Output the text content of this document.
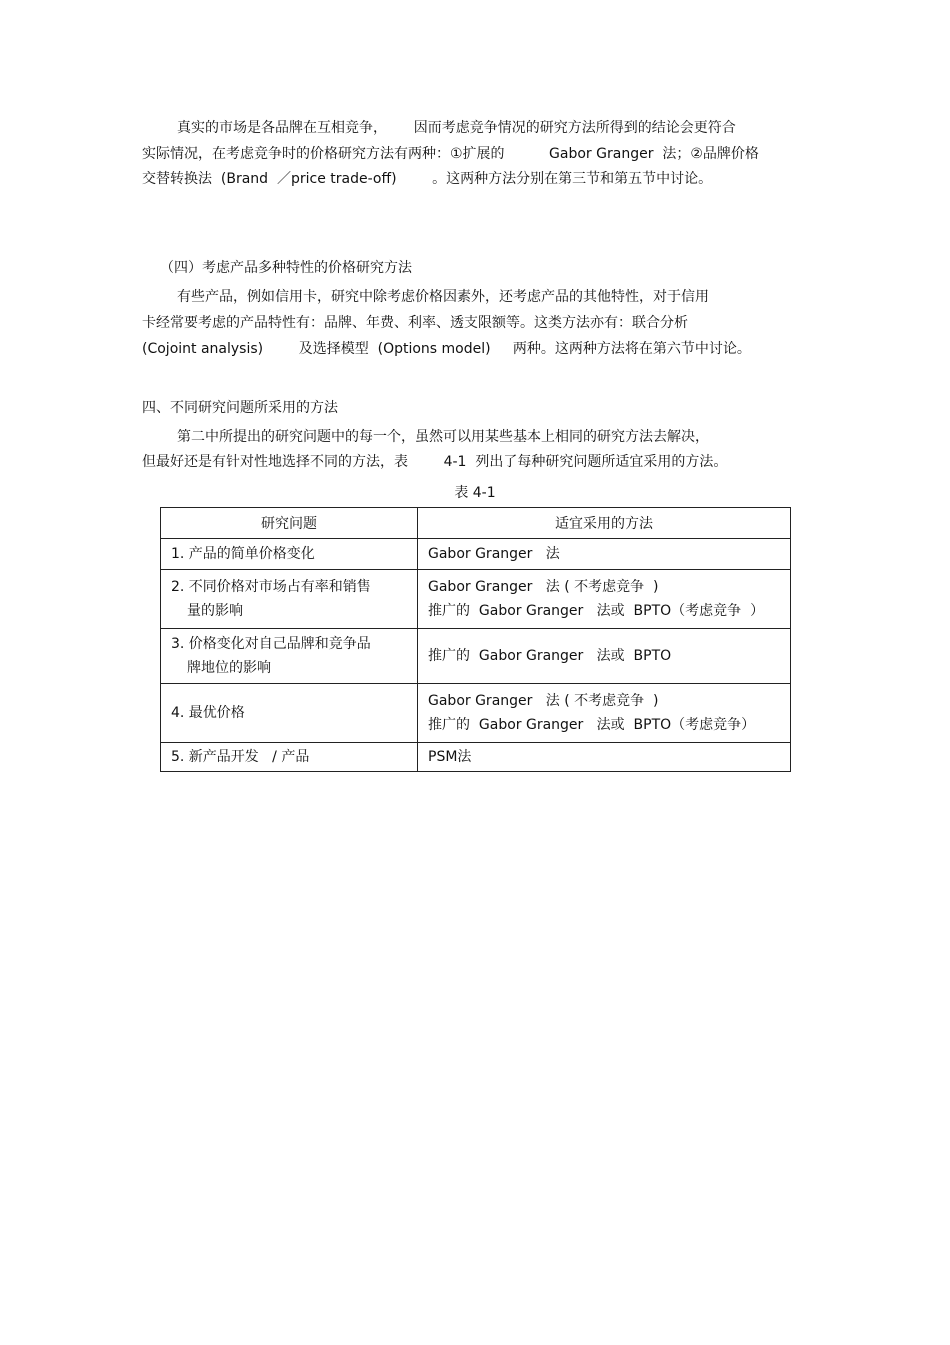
真实的市场是各品牌在互相竞争，      因而考虑竞争情况的研究方法所得到的结论会更符合
实际情况，在考虑竞争时的价格研究方法有两种：①扩展的          Gabor Granger  法；②品牌价格
交替转换法  (Brand  ／price trade-off)        。这两种方法分别在第三节和第五节中讨论。
（四）考虑产品多种特性的价格研究方法
有些产品，例如信用卡，研究中除考虑价格因素外，还考虑产品的其他特性，对于信用
卡经常要考虑的产品特性有：品牌、年费、利率、透支限额等。这类方法亦有：联合分析
(Cojoint analysis)        及选择模型  (Options model)     两种。这两种方法将在第六节中讨论。
四、不同研究问题所采用的方法
第二中所提出的研究问题中的每一个，虽然可以用某些基本上相同的研究方法去解决，
但最好还是有针对性地选择不同的方法，表        4-1  列出了每种研究问题所适宜采用的方法。
表 4-1
研究问题	适宜采用的方法

1. 产品的简单价格变化	Gabor Granger   法

2. 不同价格对市场占有率和销售
量的影响	Gabor Granger   法 ( 不考虑竞争  )
推广的  Gabor Granger   法或  BPTO（考虑竞争  ）

3. 价格变化对自己品牌和竞争品
牌地位的影响	推广的  Gabor Granger   法或  BPTO

4. 最优价格	Gabor Granger   法 ( 不考虑竞争  )
推广的  Gabor Granger   法或  BPTO（考虑竞争）

5. 新产品开发   / 产品	PSM法
